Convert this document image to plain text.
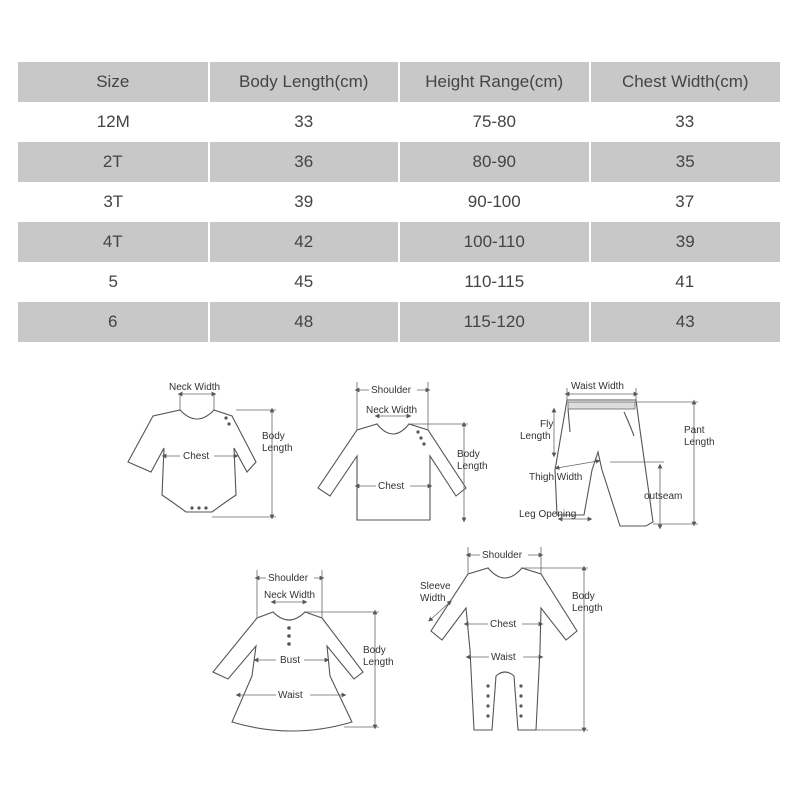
Size	Body Length(cm)	Height Range(cm)	Chest Width(cm)
12M	33	75-80	33
2T	36	80-90	35
3T	39	90-100	37
4T	42	100-110	39
5	45	110-115	41
6	48	115-120	43
Neck Width
Chest
Body
Length
Shoulder
Neck Width
Chest
Body
Length
Waist Width
Fly
Length
Thigh Width
Leg Opening
outseam
Pant
Length
Shoulder
Neck Width
Bust
Waist
Body
Length
Shoulder
Sleeve
Width
Chest
Waist
Body
Length
